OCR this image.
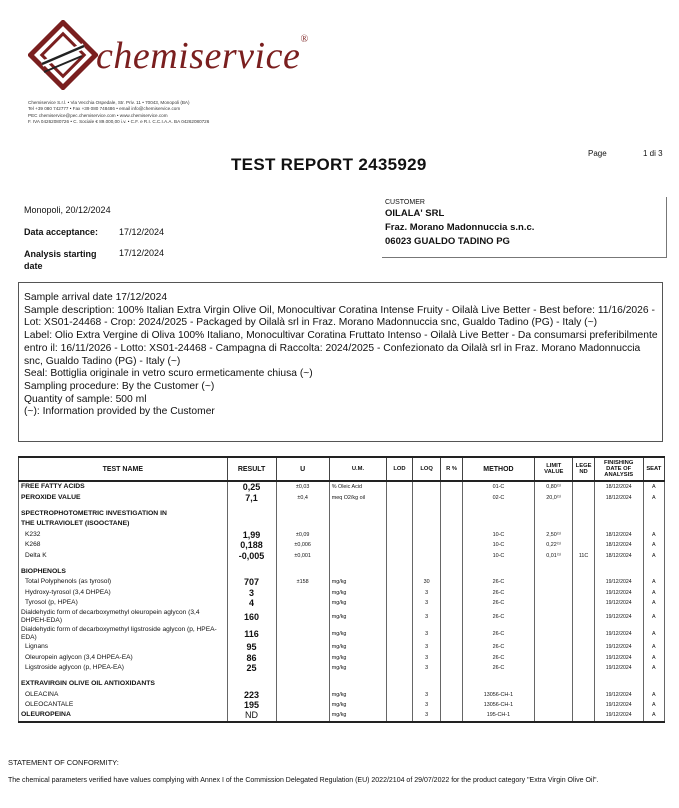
chemiservice®
Chemiservice S.r.l. • Via Vecchia Ospedale, Str. Priv. 11 • 70043, Monopoli (BA)
Tel +39 080 742777 • Fax +39 080 748486 • email info@chemiservice.com
PEC chemiservice@pec.chemiservice.com • www.chemiservice.com
F. IVA 04262080726 • C. Sociale € 89.000,00 i.v. • C.F. e R.I. C.C.I.A.A. BA 04262080726
TEST REPORT 2435929
Page	1 di 3
Monopoli, 20/12/2024
Data acceptance: 17/12/2024
Analysis starting date
17/12/2024
CUSTOMER
OILALA' SRL
Fraz. Morano Madonnuccia s.n.c.
06023 GUALDO TADINO PG
Sample arrival date 17/12/2024
Sample description: 100% Italian Extra Virgin Olive Oil, Monocultivar Coratina Intense Fruity - Oilalà Live Better - Best before: 11/16/2026 - Lot: XS01-24468 - Crop: 2024/2025 - Packaged by Oilalà srl in Fraz. Morano Madonnuccia snc, Gualdo Tadino (PG) - Italy (~)
Label: Olio Extra Vergine di Oliva 100% Italiano, Monocultivar Coratina Fruttato Intenso - Oilalà Live Better - Da consumarsi preferibilmente entro il: 16/11/2026 - Lotto: XS01-24468 - Campagna di Raccolta: 2024/2025 - Confezionato da Oilalà srl in Fraz. Morano Madonnuccia snc, Gualdo Tadino (PG) - Italy (~)
Seal: Bottiglia originale in vetro scuro ermeticamente chiusa (~)
Sampling procedure: By the Customer (~)
Quantity of sample: 500 ml
(~): Information provided by the Customer
TEST NAME	RESULT	U	U.M.	LOD	LOQ	R %	METHOD	LIMIT VALUE	LEGE ND	FINISHING DATE OF ANALYSIS	SEAT
FREE FATTY ACIDS	0,25	±0,03	% Oleic Acid				01-C	0,80⁽¹⁾		18/12/2024	A
PEROXIDE VALUE	7,1	±0,4	meq O2/kg oil				02-C	20,0⁽¹⁾		18/12/2024	A

SPECTROPHOTOMETRIC INVESTIGATION IN											
THE ULTRAVIOLET (ISOOCTANE)											
K232	1,99	±0,09					10-C	2,50⁽¹⁾		18/12/2024	A
K268	0,188	±0,006					10-C	0,22⁽¹⁾		18/12/2024	A
Delta K	-0,005	±0,001					10-C	0,01⁽¹⁾	11C	18/12/2024	A

BIOPHENOLS											
Total Polyphenols (as tyrosol)	707	±158	mg/kg		30		26-C			19/12/2024	A
Hydroxy-tyrosol (3,4 DHPEA)	3		mg/kg		3		26-C			19/12/2024	A
Tyrosol (p, HPEA)	4		mg/kg		3		26-C			19/12/2024	A
Dialdehydic form of decarboxymethyl oleuropein aglycon (3,4 DHPEH-EDA)	160		mg/kg		3		26-C			19/12/2024	A
Dialdehydic form of decarboxymethyl ligstroside aglycon (p, HPEA-EDA)	116		mg/kg		3		26-C			19/12/2024	A
Lignans	95		mg/kg		3		26-C			19/12/2024	A
Oleuropein aglycon (3,4 DHPEA-EA)	86		mg/kg		3		26-C			19/12/2024	A
Ligstroside aglycon (p, HPEA-EA)	25		mg/kg		3		26-C			19/12/2024	A

EXTRAVIRGIN OLIVE OIL ANTIOXIDANTS											
OLEACINA	223		mg/kg		3		13056-CH-1			19/12/2024	A
OLEOCANTALE	195		mg/kg		3		13056-CH-1			19/12/2024	A
OLEUROPEINA	ND		mg/kg		3		195-CH-1			19/12/2024	A
STATEMENT OF CONFORMITY:
The chemical parameters verified have values complying with Annex I of the Commission Delegated Regulation (EU) 2022/2104 of 29/07/2022 for the product category "Extra Virgin Olive Oil".
